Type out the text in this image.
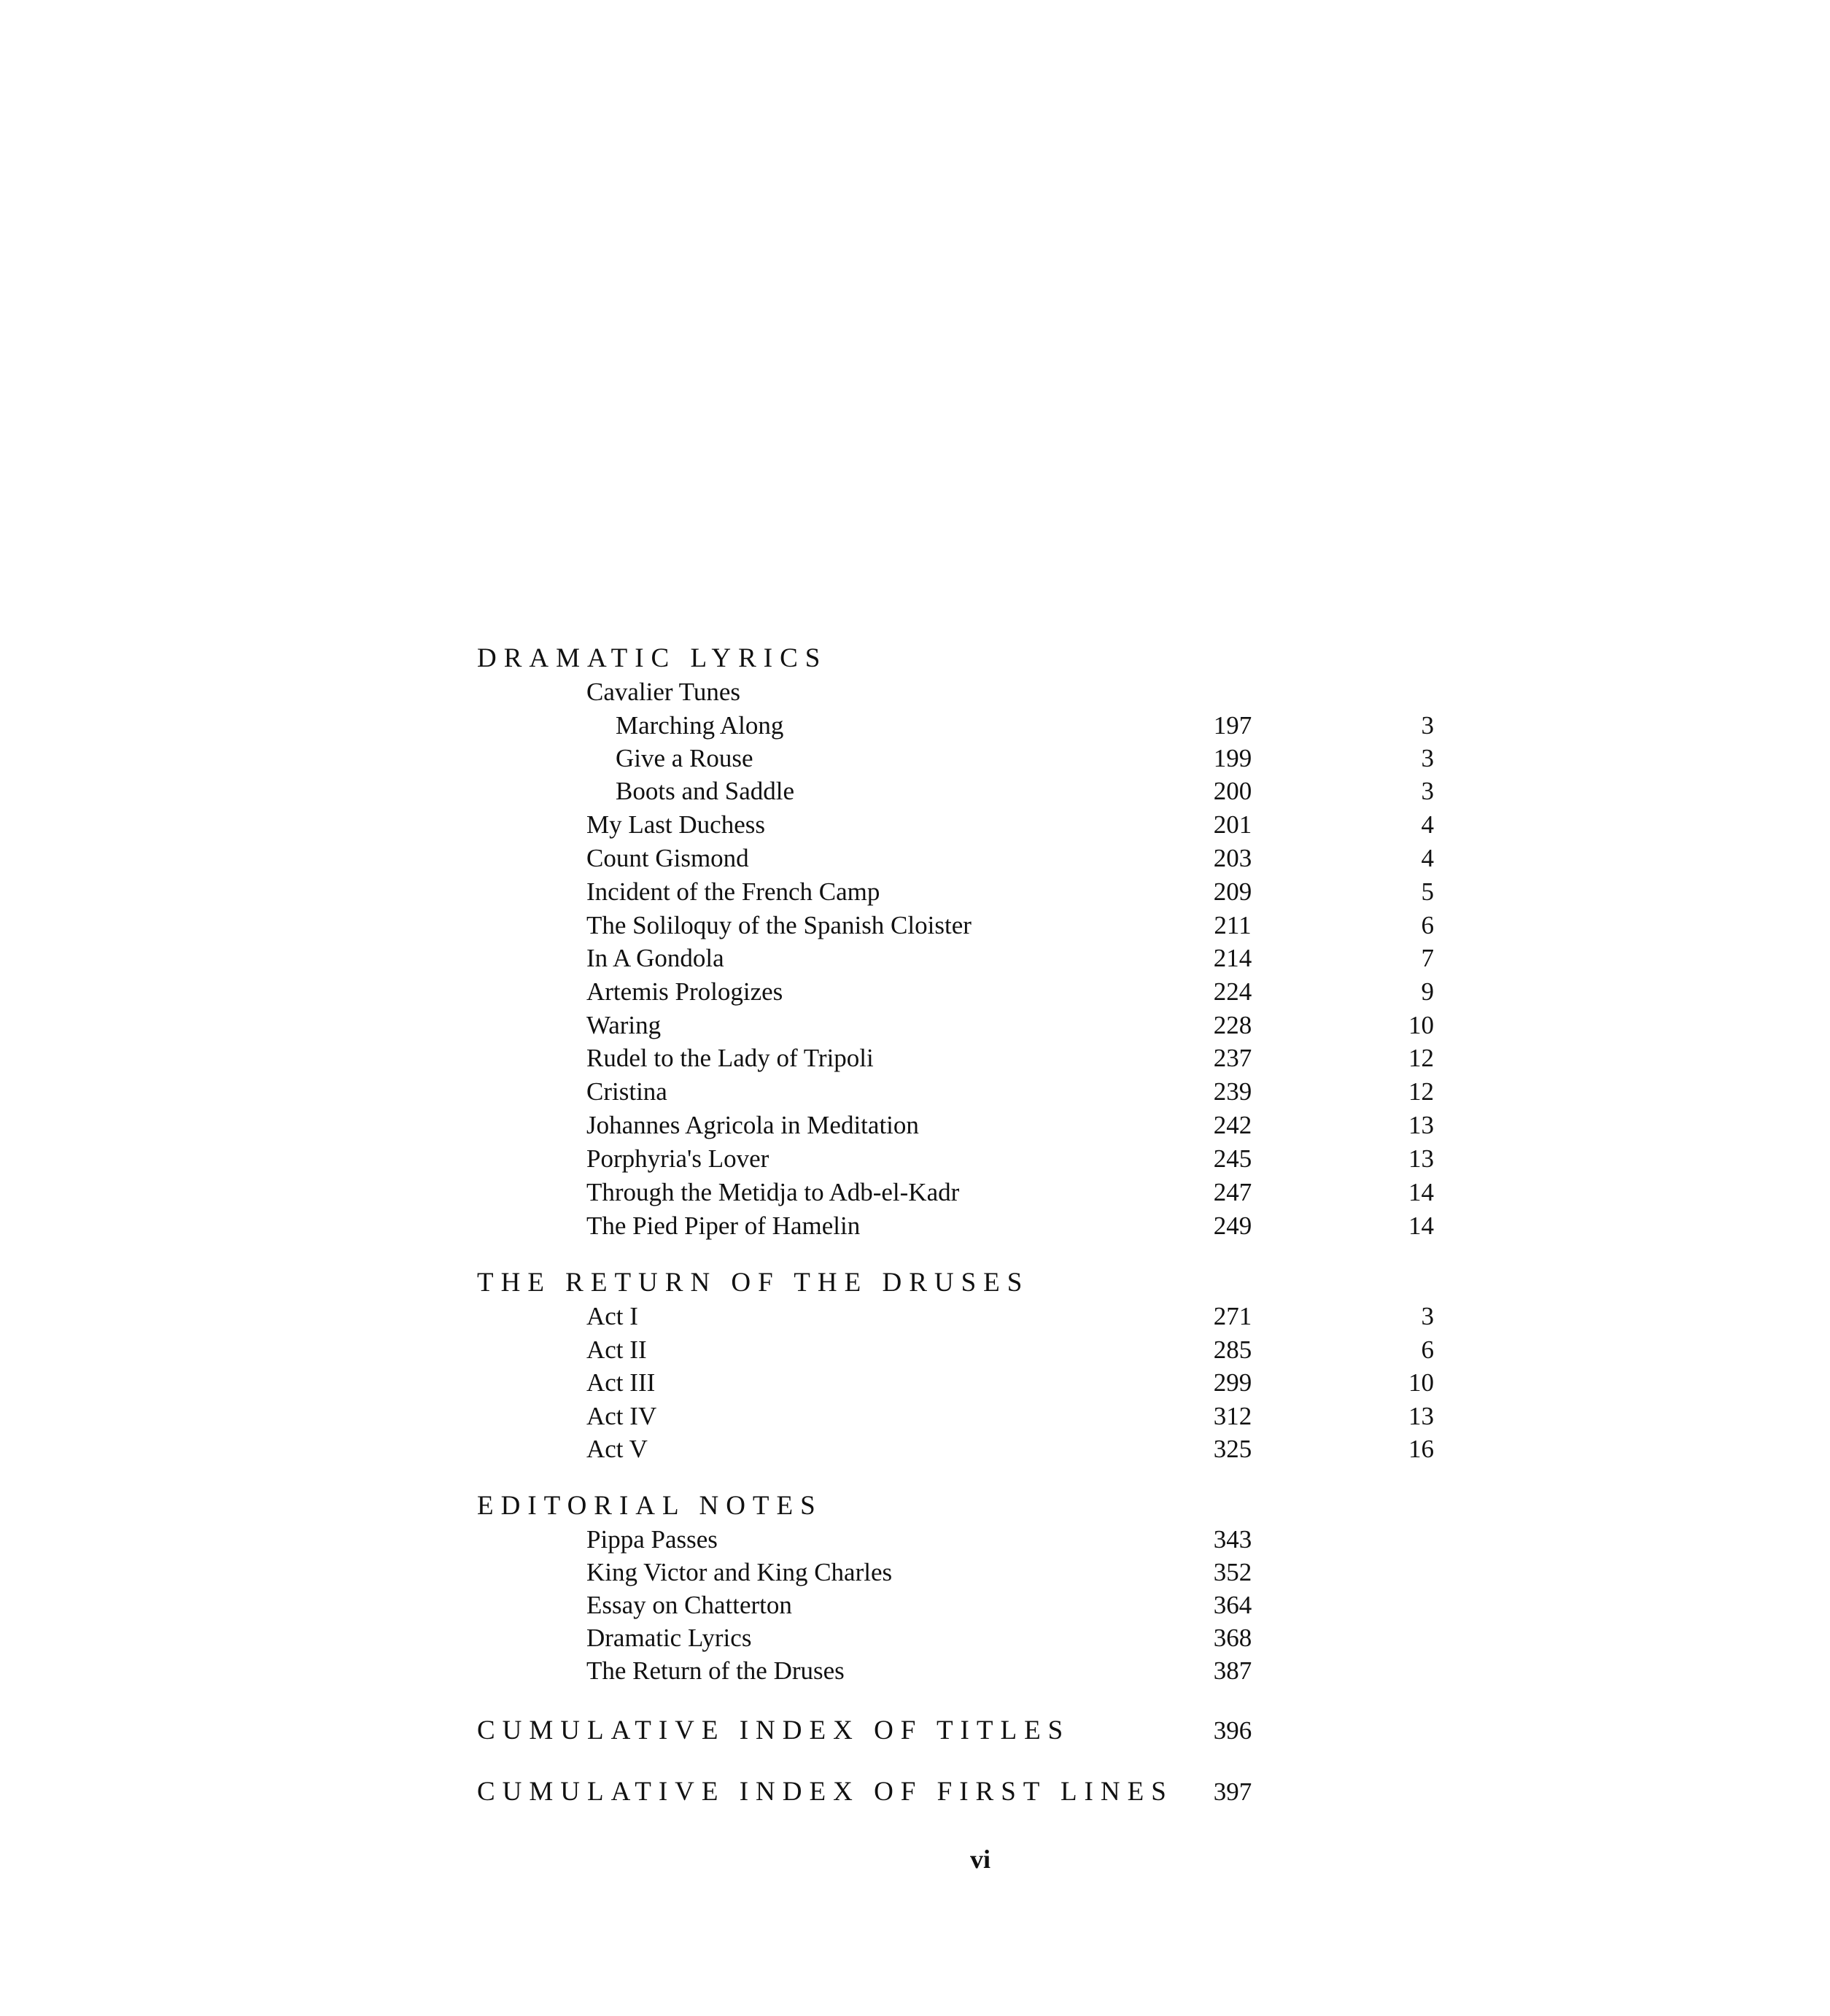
DRAMATIC LYRICS
Cavalier Tunes
Marching Along	197	3
Give a Rouse	199	3
Boots and Saddle	200	3
My Last Duchess	201	4
Count Gismond	203	4
Incident of the French Camp	209	5
The Soliloquy of the Spanish Cloister	211	6
In A Gondola	214	7
Artemis Prologizes	224	9
Waring	228	10
Rudel to the Lady of Tripoli	237	12
Cristina	239	12
Johannes Agricola in Meditation	242	13
Porphyria's Lover	245	13
Through the Metidja to Adb-el-Kadr	247	14
The Pied Piper of Hamelin	249	14
THE RETURN OF THE DRUSES
Act I	271	3
Act II	285	6
Act III	299	10
Act IV	312	13
Act V	325	16
EDITORIAL NOTES
Pippa Passes	343
King Victor and King Charles	352
Essay on Chatterton	364
Dramatic Lyrics	368
The Return of the Druses	387
CUMULATIVE INDEX OF TITLES	396
CUMULATIVE INDEX OF FIRST LINES	397
vi
